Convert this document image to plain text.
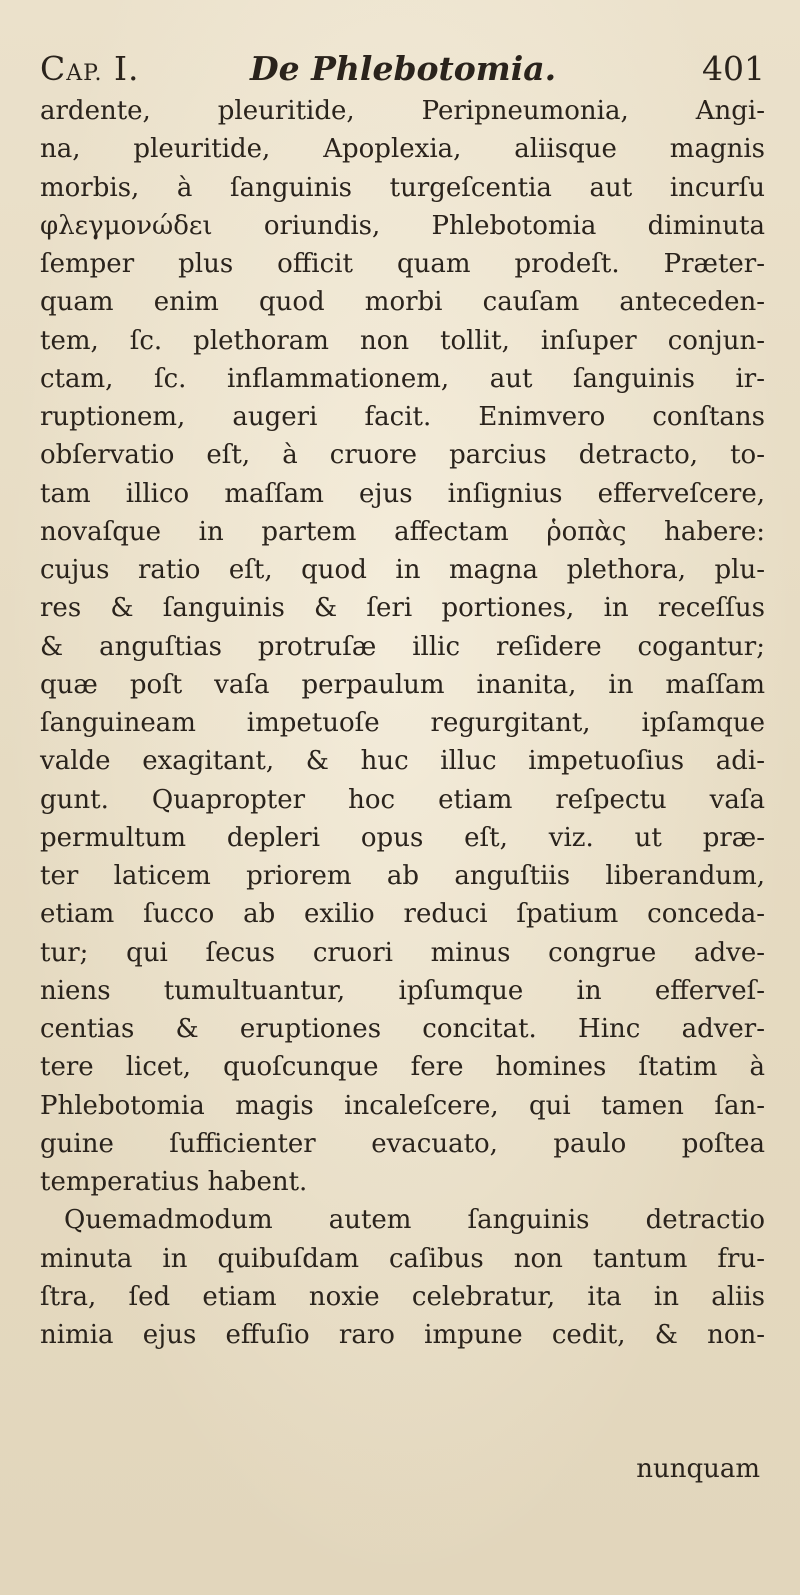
CAP. I.	De Phlebotomia.	401
ardente, pleuritide, Peripneumonia, Angi-
na, pleuritide, Apoplexia, aliisque magnis
morbis, à ſanguinis turgeſcentia aut incurſu
φλεγμονώδει oriundis, Phlebotomia diminuta
ſemper plus officit quam prodeſt. Præter-
quam enim quod morbi cauſam anteceden-
tem, ſc. plethoram non tollit, inſuper conjun-
ctam, ſc. inflammationem, aut ſanguinis ir-
ruptionem, augeri facit. Enimvero conſtans
obſervatio eſt, à cruore parcius detracto, to-
tam illico maſſam ejus inſignius efferveſcere,
novaſque in partem affectam ῥοπὰς habere:
cujus ratio eſt, quod in magna plethora, plu-
res & ſanguinis & ſeri portiones, in receſſus
& anguſtias protruſæ illic reſidere cogantur;
quæ poſt vaſa perpaulum inanita, in maſſam
ſanguineam impetuoſe regurgitant, ipſamque
valde exagitant, & huc illuc impetuoſius adi-
gunt. Quapropter hoc etiam reſpectu vaſa
permultum depleri opus eſt, viz. ut præ-
ter laticem priorem ab anguſtiis liberandum,
etiam ſucco ab exilio reduci ſpatium conceda-
tur; qui ſecus cruori minus congrue adve-
niens tumultuantur, ipſumque in efferveſ-
centias & eruptiones concitat. Hinc adver-
tere licet, quoſcunque fere homines ſtatim à
Phlebotomia magis incaleſcere, qui tamen ſan-
guine ſufficienter evacuato, paulo poſtea
temperatius habent.
Quemadmodum autem ſanguinis detractio
minuta in quibuſdam caſibus non tantum fru-
ſtra, ſed etiam noxie celebratur, ita in aliis
nimia ejus effuſio raro impune cedit, & non-
nunquam
